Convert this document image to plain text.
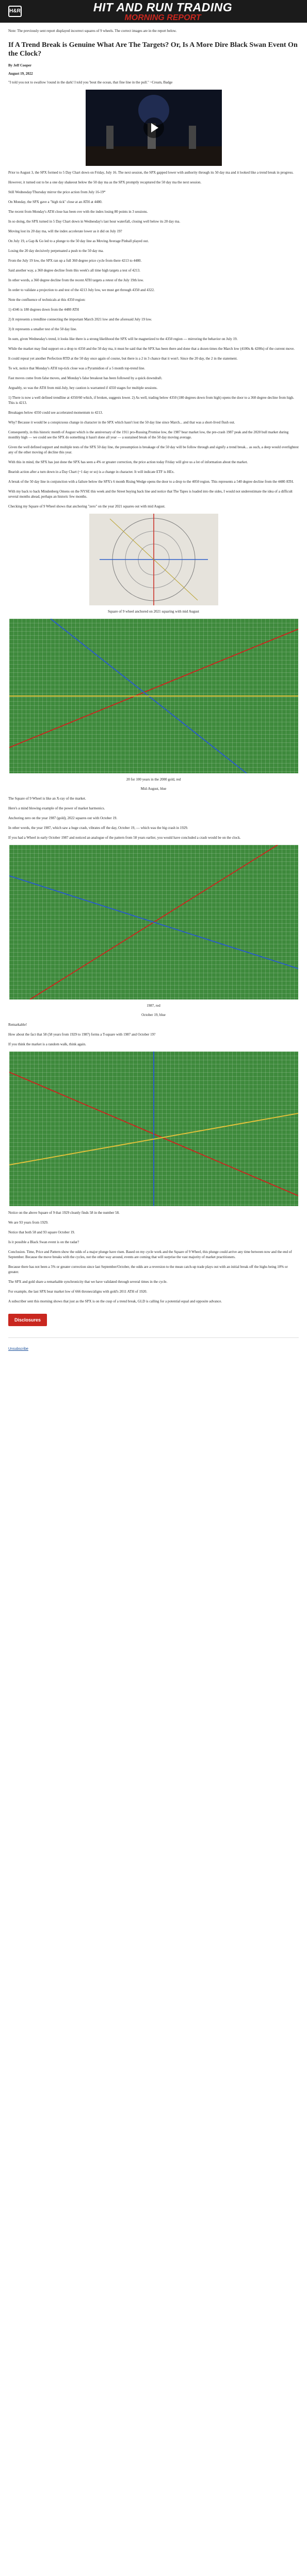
H&R	HIT AND RUN TRADING
MORNING REPORT

Note: The previously sent report displayed incorrect squares of 9 wheels. The correct images are in the report below.

If A Trend Break is Genuine What Are The Targets? Or, Is A More Dire Black Swan Event On the Clock?
By Jeff Cooper
August 19, 2022

"I told you not to swallow 'round in the dark! I told you 'bout the ocean, that fine line in the pull." ~Cream, Badge

Prior to August 3, the SPX formed to 5 Day Chart down on Friday, July 16. The next session, the SPX gapped lower with authority through its 50 day ma and it looked like a trend break in progress.

However, it turned out to be a one day shakeout below the 50 day ma as the SPX promptly recaptured the 50 day ma the next session.

Still Wednesday/Thursday mirror the price action from July 16-19*

On Monday, the SPX gave a "high tick" close at an ATH at 4480.

The recent from Monday's ATH close has been ove with the index losing 80 points in 3 sessions.

In so doing, the SPX turned in 5 Day Chart down in Wednesday's last hour waterfall, closing well below its 20 day ma.

Moving lost its 20 day ma, will the index accelerate lower as it did on July 19?

On July 19, a Gap & Go led to a plunge to the 50 day line as Moving Average Pinball played out.

Losing the 20 day decisively perpetuated a push to the 50 day ma.

From the July 19 low, the SPX ran up a full 360 degree price cycle from there 4213 to 4480.

Said another way, a 360 degree decline from this week's all time high targets a test of 4213.

In other words, a 360 degree decline from the recent ATH targets a retest of the July 19th low.

In order to validate a projection to and test of the 4213 July low, we must get through 4350 and 4322.

Note the confluence of technicals at this 4350 region:

1) 4346 is 180 degrees down from the 4480 ATH

2) It represents a trendline connecting the important March 2021 low and the aforesaid July 19 low.

3) It represents a smaller test of the 50 day line.

In sum, given Wednesday's trend, it looks like there is a strong likelihood the SPX will be magnetized to the 4350 region — mirroring the behavior on July 19.

While the market may find support on a drop to 4350 and the 50 day ma, it must be said that the SPX has been there and done that a dozen times the March low (4100s & 4200s) of the current move.

It could repeat yet another Perfection RTD at the 50 day once again of course, but there is a 2 in 3 chance that it won't. Since the 20 day, the 2 in the statement.

To wit, notice that Monday's ATH top-tick close was a Pyramidion of a 5 month top-trend line.

Fast moves come from false moves, and Monday's false breakout has been followed by a quick downdraft.

Arguably, so was the ATH from mid-July, hey caution is warranted if 4350 stages for multiple sessions.

1) There is now a well defined trendline at 4350/60 which, if broken, suggests lower. 2) As well, trading below 4350 (180 degrees down from high) opens the door to a 360 degree decline from high. This is 4213.

Breakages below 4350 could see accelerated momentum to 4213.

Why? Because it would be a conspicuous change in character in the SPX which hasn't lost the 50 day line since March... and that was a short-lived flush out.

Consequently, in this historic month of August which is the anniversary of the 1911 pro-Russing Promise low, the 1987 bear market low, the pre-crash 1987 peak and the 2020 bull market during monthly high — we could see the SPX do something it hasn't done all year — a sustained break of the 50 day moving average.

Given the well defined support and multiple tests of the SPX 50 day line, the presumption is breakage of the 50 day will be follow through and signify a trend break... as such, a deep would overlightest any of the other moving of decline this year.

With this in mind, the SPX has just done the SPX has seen a 4% or greater correction, the price action today Friday will give us a lot of information about the market.

Bearish action after a turn down in a Day Chart (~1 day or so) is a change in character. It will indicate ETF is HEx.

A break of the 50 day line in conjunction with a failure below the SPX's 6 month Rising Wedge opens the door to a drop to the 4050 region. This represents a 540 degree decline from the 4480 ATH.

With my back to back Mindenberg Omens on the NYSE this week and the Street buying back line and notice that The Tapes is loaded into the sides, I would not underestimate the idea of a difficult several months ahead, perhaps an historic few months.

Checking my Square of 9 Wheel shows that anchoring "zero" on the year 2021 squares out with mid August.

Square of 9 wheel anchored on 2021 squaring with mid August
20 for 100 years in the 2000 gold, red
Mid-August, blue

The Square of 9 Wheel is like an X-ray of the market.

Here's a mind blowing example of the power of market harmonics.

Anchoring zero on the year 1987 (gold), 2022 squares out with October 19.

In other words, the year 1987, which saw a huge crash, vibrates off the day, October 19, — which was the big crash in 1929.

If you had a Wheel in early October 1987 and noticed an analogue of the pattern from 58 years earlier, you would have concluded a crash would be on the clock.

1987, red
October 19, blue

Remarkable!

How about the fact that 58 (58 years from 1929 to 1987) forms a T-square with 1987 and October 19?

If you think the market is a random walk, think again.

Notice on the above Square of 9 that 1929 cleanly finds 58 in the number 58.

We are 93 years from 1929.

Notice that both 58 and 93 square October 19.

Is it possible a Black Swan event is on the radar?

Conclusion. Time, Price and Pattern show the odds of a major plunge have risen. Based on my cycle work and the Square of 9 Wheel, this plunge could arrive any time between now and the end of September. Because the move breaks with the cycles, not the other way around, events are coming that will surprise the vast majority of market practitioners.

Because there has not been a 5% or greater correction since last September/October, the odds are a reversion to the mean catch-up trade plays out with an initial break off the highs being 10% or greater.

The SPX and gold share a remarkable synchronicity that we have validated through several times in the cycle.

For example, the last SPX bear market low of 666 thrones/aligns with gold's 2011 ATH of 1920.

A subscriber sent this morning shows that just as the SPX is on the cusp of a trend break, GLD is calling for a potential equal and opposite advance.

Disclosures
Unsubscribe
